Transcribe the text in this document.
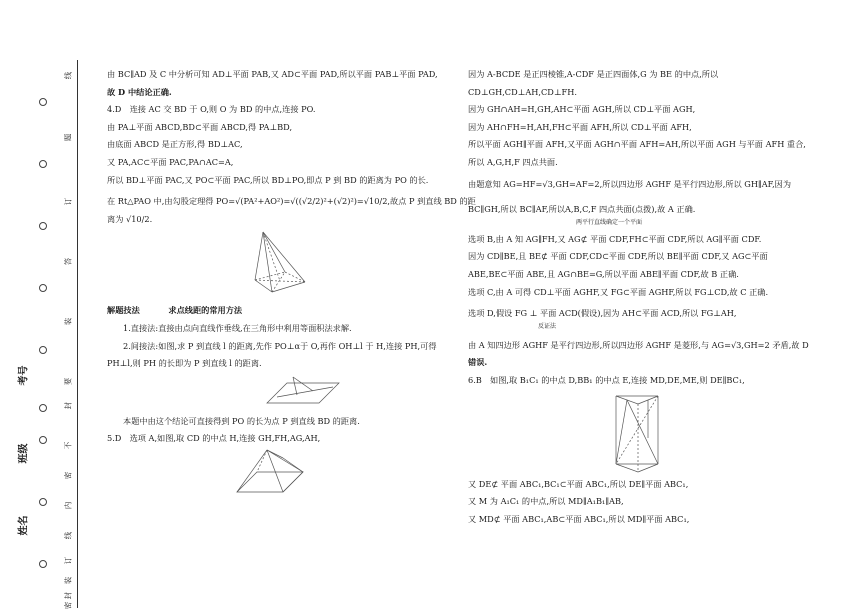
线
题
订
答
装
要
封
不
密
内
线
订
装
封
密
考号
班级
姓名

由 BC∥AD 及 C 中分析可知 AD⊥平面 PAB,又 AD⊂平面 PAD,所以平面 PAB⊥平面 PAD,

故 D 中结论正确.

4.D　连接 AC 交 BD 于 O,则 O 为 BD 的中点,连接 PO.

由 PA⊥平面 ABCD,BD⊂平面 ABCD,得 PA⊥BD,

由底面 ABCD 是正方形,得 BD⊥AC,

又 PA,AC⊂平面 PAC,PA∩AC=A,

所以 BD⊥平面 PAC,又 PO⊂平面 PAC,所以 BD⊥PO,即点 P 到 BD 的距离为 PO 的长.

在 Rt△PAO 中,由勾股定理得 PO=√(PA²+AO²)=√((√2/2)²+(√2)²)=√10/2,故点 P 到直线 BD 的距

离为 √10/2.

解题技法	求点线距的常用方法

1.直接法:直接由点向直线作垂线,在三角形中利用等面积法求解.

2.间接法:如图,求 P 到直线 l 的距离,先作 PO⊥α于 O,再作 OH⊥l 于 H,连接 PH,可得

PH⊥l,则 PH 的长即为 P 到直线 l 的距离.

本题中由这个结论可直接得到 PO 的长为点 P 到直线 BD 的距离.

5.D　选项 A,如图,取 CD 的中点 H,连接 GH,FH,AG,AH,

因为 A-BCDE 是正四棱锥,A-CDF 是正四面体,G 为 BE 的中点,所以

CD⊥GH,CD⊥AH,CD⊥FH.

因为 GH∩AH=H,GH,AH⊂平面 AGH,所以 CD⊥平面 AGH,

因为 AH∩FH=H,AH,FH⊂平面 AFH,所以 CD⊥平面 AFH,

所以平面 AGH∥平面 AFH,又平面 AGH∩平面 AFH=AH,所以平面 AGH 与平面 AFH 重合,

所以 A,G,H,F 四点共面.

由题意知 AG=HF=√3,GH=AF=2,所以四边形 AGHF 是平行四边形,所以 GH∥AF,因为

BC∥GH,所以 BC∥AF,所以A,B,C,F 四点共面(点拨),故 A 正确.

两平行直线确定一个平面

选项 B,由 A 知 AG∥FH,又 AG⊄ 平面 CDF,FH⊂平面 CDF,所以 AG∥平面 CDF.

因为 CD∥BE,且 BE⊄ 平面 CDF,CD⊂平面 CDF,所以 BE∥平面 CDF,又 AG⊂平面

ABE,BE⊂平面 ABE,且 AG∩BE=G,所以平面 ABE∥平面 CDF,故 B 正确.

选项 C,由 A 可得 CD⊥平面 AGHF,又 FG⊂平面 AGHF,所以 FG⊥CD,故 C 正确.

选项 D,假设 FG ⊥ 平面 ACD(假设),因为 AH⊂平面 ACD,所以 FG⊥AH,

反证法

由 A 知四边形 AGHF 是平行四边形,所以四边形 AGHF 是菱形,与 AG=√3,GH=2 矛盾,故 D

错误.

6.B　如图,取 B₁C₁ 的中点 D,BB₁ 的中点 E,连接 MD,DE,ME,则 DE∥BC₁,

又 DE⊄ 平面 ABC₁,BC₁⊂平面 ABC₁,所以 DE∥平面 ABC₁,

又 M 为 A₁C₁ 的中点,所以 MD∥A₁B₁∥AB,

又 MD⊄ 平面 ABC₁,AB⊂平面 ABC₁,所以 MD∥平面 ABC₁,
